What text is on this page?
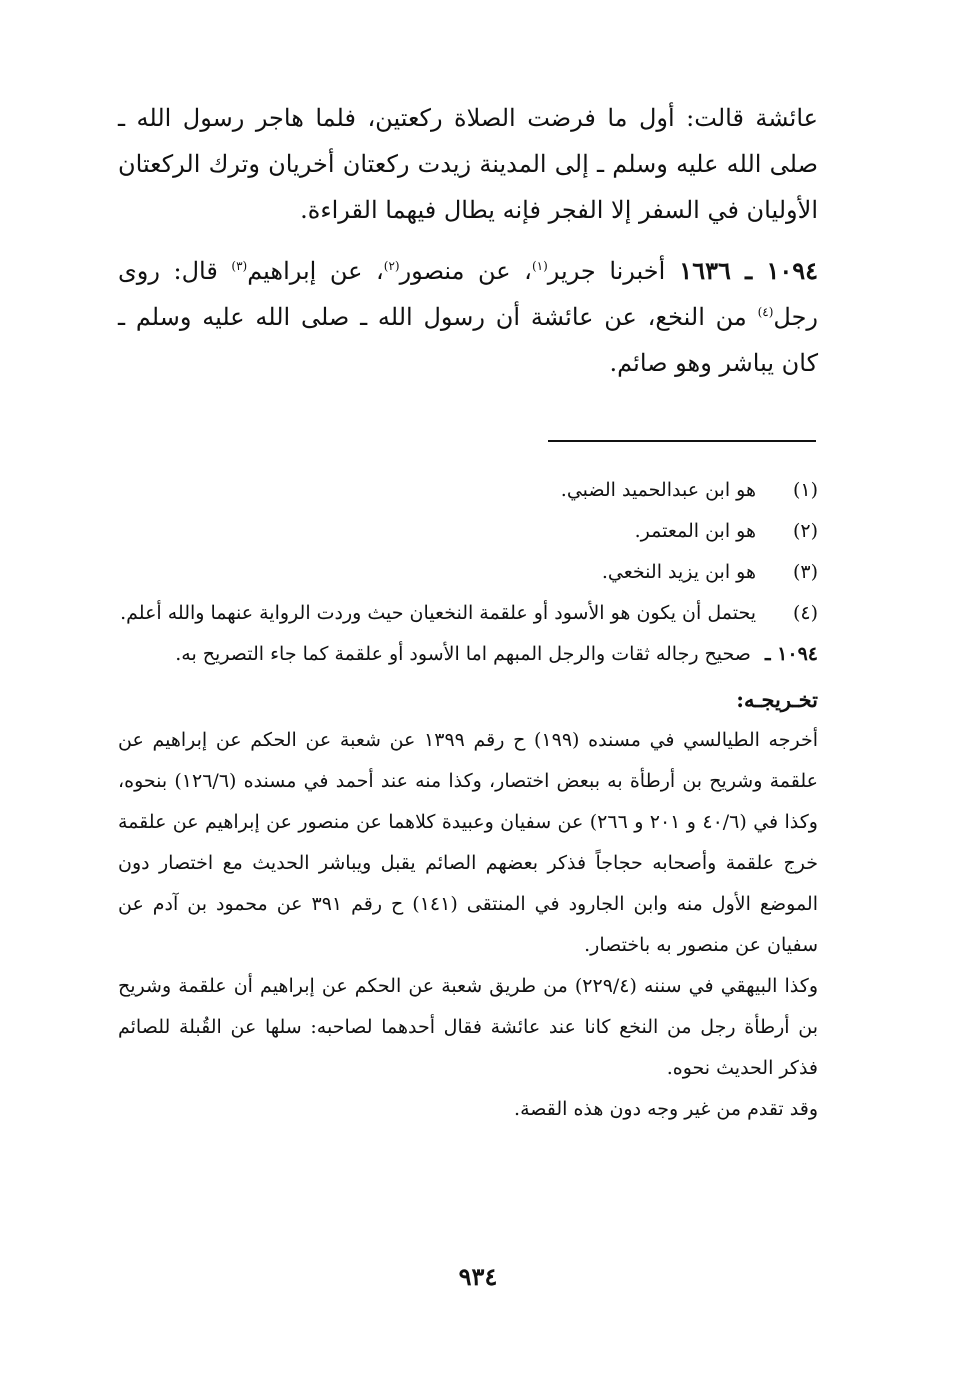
عائشة قالت: أول ما فرضت الصلاة ركعتين، فلما هاجر رسول الله ـ صلى الله عليه وسلم ـ إلى المدينة زيدت ركعتان أخريان وترك الركعتان الأوليان في السفر إلا الفجر فإنه يطال فيهما القراءة.

١٠٩٤ ـ ١٦٣٦أخبرنا جرير$^{(١)}$، عن منصور$^{(٢)}$، عن إبراهيم$^{(٣)}$ قال: روى رجل$^{(٤)}$ من النخع، عن عائشة أن رسول الله ـ صلى الله عليه وسلم ـ كان يباشر وهو صائم.

(١)
هو ابن عبدالحميد الضبي.
(٢)
هو ابن المعتمر.
(٣)
هو ابن يزيد النخعي.
(٤)
يحتمل أن يكون هو الأسود أو علقمة النخعيان حيث وردت الرواية عنهما والله أعلم.
١٠٩٤ ـ صحيح رجاله ثقات والرجل المبهم اما الأسود أو علقمة كما جاء التصريح به.
تخـريجـه:
أخرجه الطيالسي في مسنده (١٩٩) ح رقم ١٣٩٩ عن شعبة عن الحكم عن إبراهيم عن علقمة وشريح بن أرطأة به ببعض اختصار، وكذا منه عند أحمد في مسنده (١٢٦/٦) بنحوه، وكذا في (٤٠/٦ و ٢٠١ و ٢٦٦) عن سفيان وعبيدة كلاهما عن منصور عن إبراهيم عن علقمة خرج علقمة وأصحابه حجاجاً فذكر بعضهم الصائم يقبل ويباشر الحديث مع اختصار دون الموضع الأول منه وابن الجارود في المنتقى (١٤١) ح رقم ٣٩١ عن محمود بن آدم عن سفيان عن منصور به باختصار.
وكذا البيهقي في سننه (٢٢٩/٤) من طريق شعبة عن الحكم عن إبراهيم أن علقمة وشريح بن أرطأة رجل من النخع كانا عند عائشة فقال أحدهما لصاحبه: سلها عن القُبلة للصائم فذكر الحديث نحوه.
وقد تقدم من غير وجه دون هذه القصة.
٩٣٤
